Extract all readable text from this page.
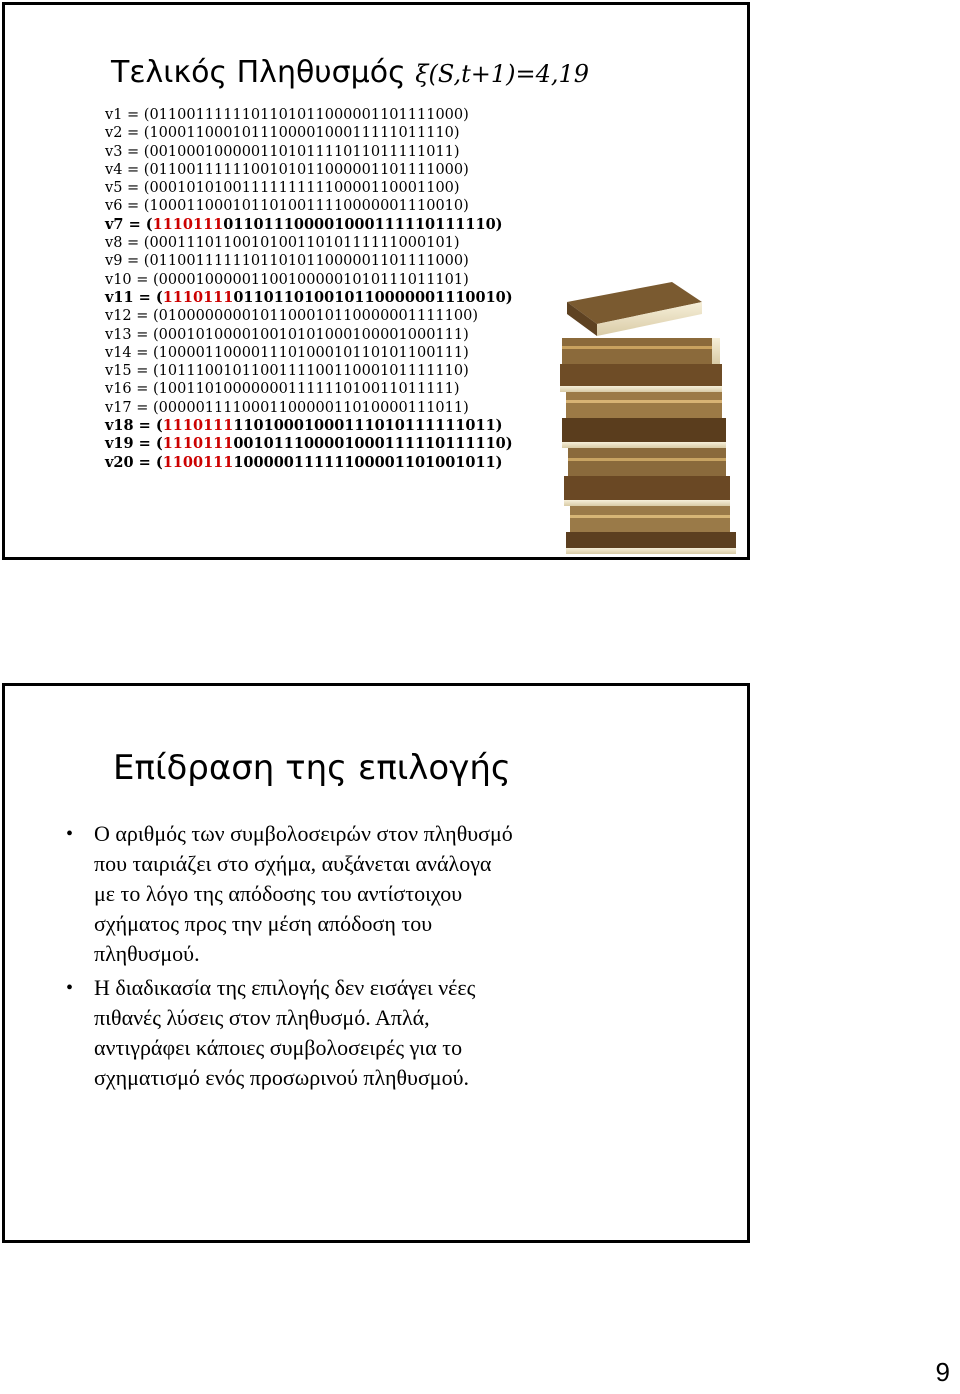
Τελικός Πληθυσμός ξ(S,t+1)=4,19
v1 = (0110011111101101011000001101111000)
v2 = (100011000101110000100011111011110)
v3 = (001000100000110101111011011111011)
v4 = (0110011111100101011000001101111000)
v5 = (000101010011111111110000110001100)
v6 = (1000110001011010011110000001110010)
v7 = (1110111011011100001000111110111110)
v8 = (000111011001010011010111111000101)
v9 = (0110011111101101011000001101111000)
v10 = (000010000011001000001010111011101)
v11 = (1110111011011010010110000001110010)
v12 = (0100000000101100010110000001111100)
v13 = (000101000010010101000100001000111)
v14 = (100001100001110100010110101100111)
v15 = (101110010110011110011000101111110)
v16 = (10011010000000111111010011011111)
v17 = (000001111000110000011010000111011)
v18 = (111011111010001000111010111111011)
v19 = (1110111001011100001000111110111110)
v20 = (110011110000011111100001101001011)
Επίδραση της επιλογής
• Ο αριθμός των συμβολοσειρών στον πληθυσμό που ταιριάζει στο σχήμα, αυξάνεται ανάλογα με το λόγο της απόδοσης του αντίστοιχου σχήματος προς την μέση απόδοση του πληθυσμού.
• Η διαδικασία της επιλογής δεν εισάγει νέες πιθανές λύσεις στον πληθυσμό. Απλά, αντιγράφει κάποιες συμβολοσειρές για το σχηματισμό ενός προσωρινού πληθυσμού.
9
